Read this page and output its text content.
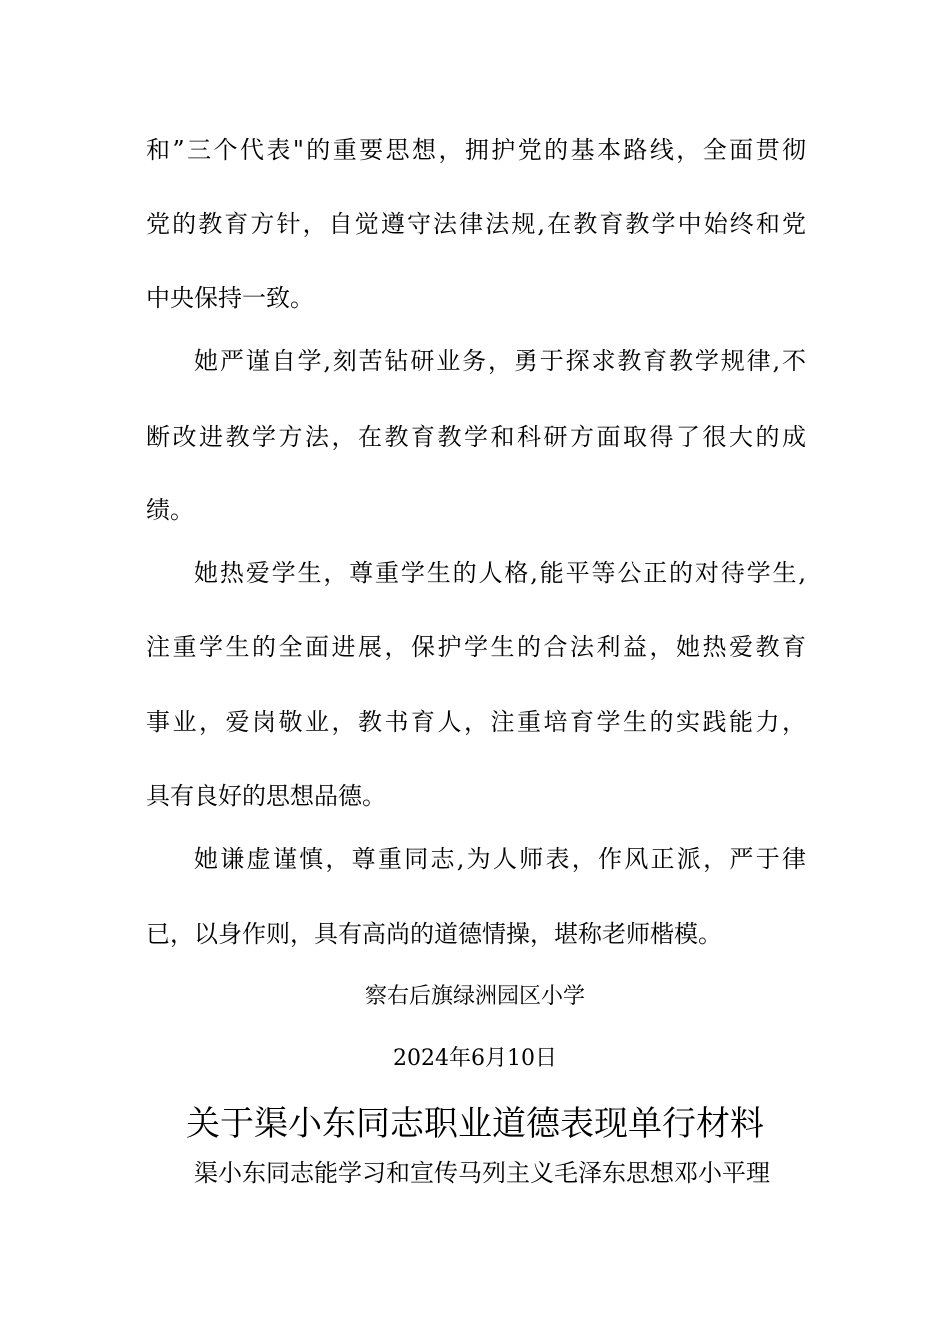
和”三个代表"的重要思想，拥护党的基本路线，全面贯彻
党的教育方针，自觉遵守法律法规,在教育教学中始终和党
中央保持一致。
她严谨自学,刻苦钻研业务，勇于探求教育教学规律,不
断改进教学方法，在教育教学和科研方面取得了很大的成
绩。
她热爱学生，尊重学生的人格,能平等公正的对待学生,
注重学生的全面进展，保护学生的合法利益，她热爱教育
事业，爱岗敬业，教书育人，注重培育学生的实践能力，
具有良好的思想品德。
她谦虚谨慎，尊重同志,为人师表，作风正派，严于律
已，以身作则，具有高尚的道德情操，堪称老师楷模。
察右后旗绿洲园区小学
2024年6月10日
关于渠小东同志职业道德表现单行材料
渠小东同志能学习和宣传马列主义毛泽东思想邓小平理
